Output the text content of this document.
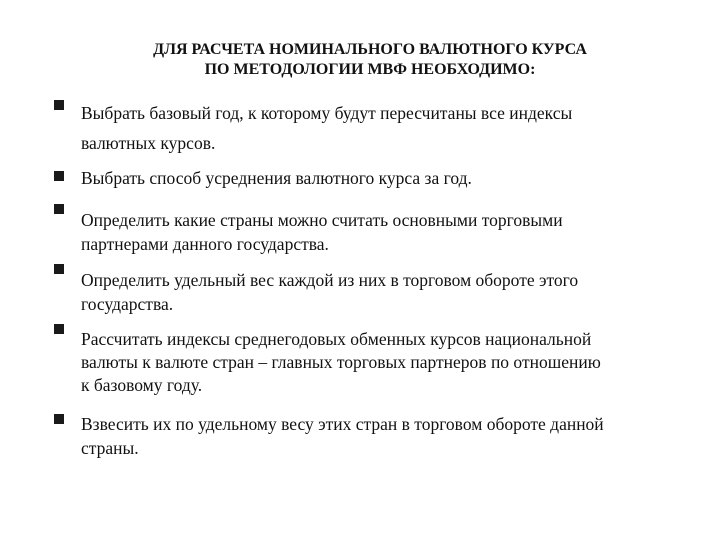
ДЛЯ РАСЧЕТА НОМИНАЛЬНОГО ВАЛЮТНОГО КУРСА
ПО МЕТОДОЛОГИИ МВФ НЕОБХОДИМО:
Выбрать базовый год, к которому будут пересчитаны все индексы
валютных курсов.
Выбрать способ усреднения валютного курса за год.
Определить какие страны можно считать основными торговыми
партнерами данного государства.
Определить удельный вес каждой из них в торговом обороте этого
государства.
Рассчитать индексы среднегодовых обменных курсов национальной
валюты к валюте стран – главных торговых партнеров по отношению
к базовому году.
Взвесить их по удельному весу этих стран в торговом обороте данной
страны.
